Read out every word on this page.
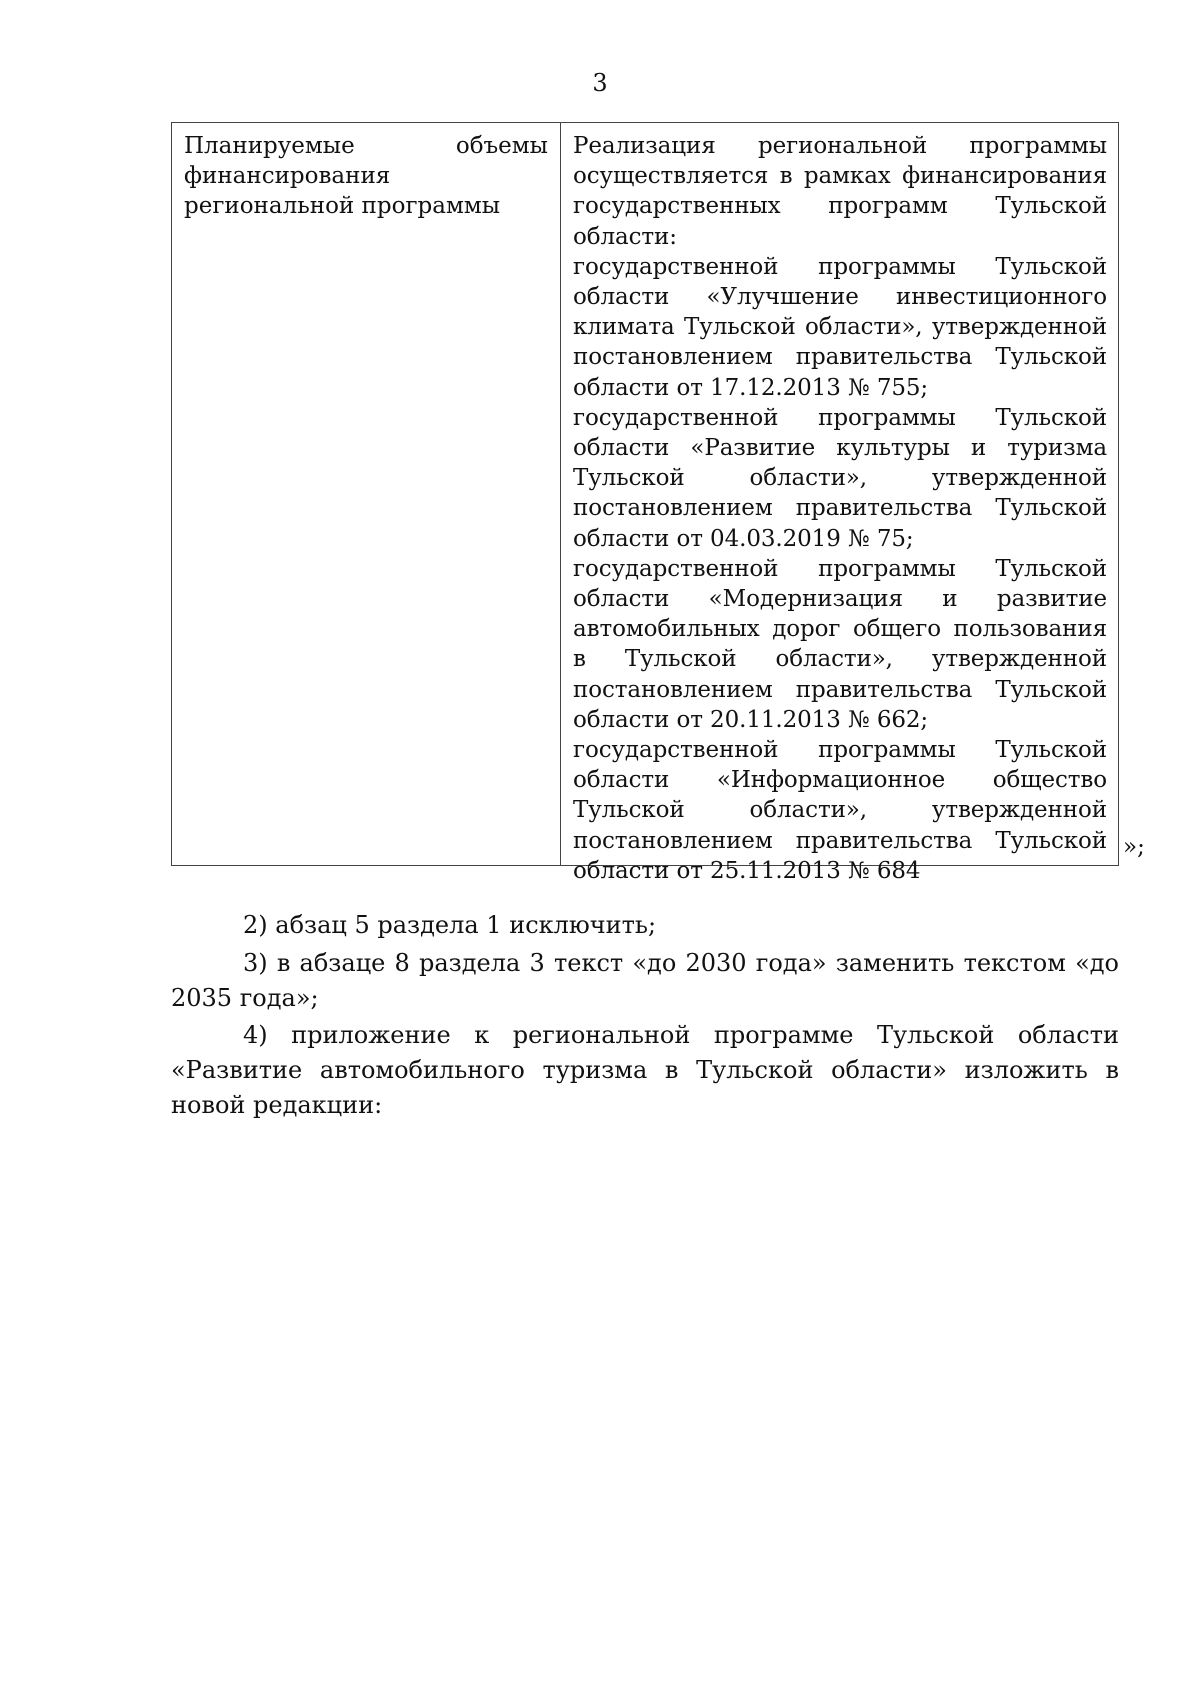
3

Планируемые объемы финансирования региональной программы

Реализация региональной программы осуществляется в рамках финансирования государственных программ Тульской области:
государственной программы Тульской области «Улучшение инвестиционного климата Тульской области», утвержденной постановлением правительства Тульской области от 17.12.2013 № 755;
государственной программы Тульской области «Развитие культуры и туризма Тульской области», утвержденной постановлением правительства Тульской области от 04.03.2019 № 75;
государственной программы Тульской области «Модернизация и развитие автомобильных дорог общего пользования в Тульской области», утвержденной постановлением правительства Тульской области от 20.11.2013 № 662;
государственной программы Тульской области «Информационное общество Тульской области», утвержденной постановлением правительства Тульской области от 25.11.2013 № 684
»;
2) абзац 5 раздела 1 исключить;
3) в абзаце 8 раздела 3 текст «до 2030 года» заменить текстом «до 2035 года»;
4) приложение к региональной программе Тульской области «Развитие автомобильного туризма в Тульской области» изложить в новой редакции:
